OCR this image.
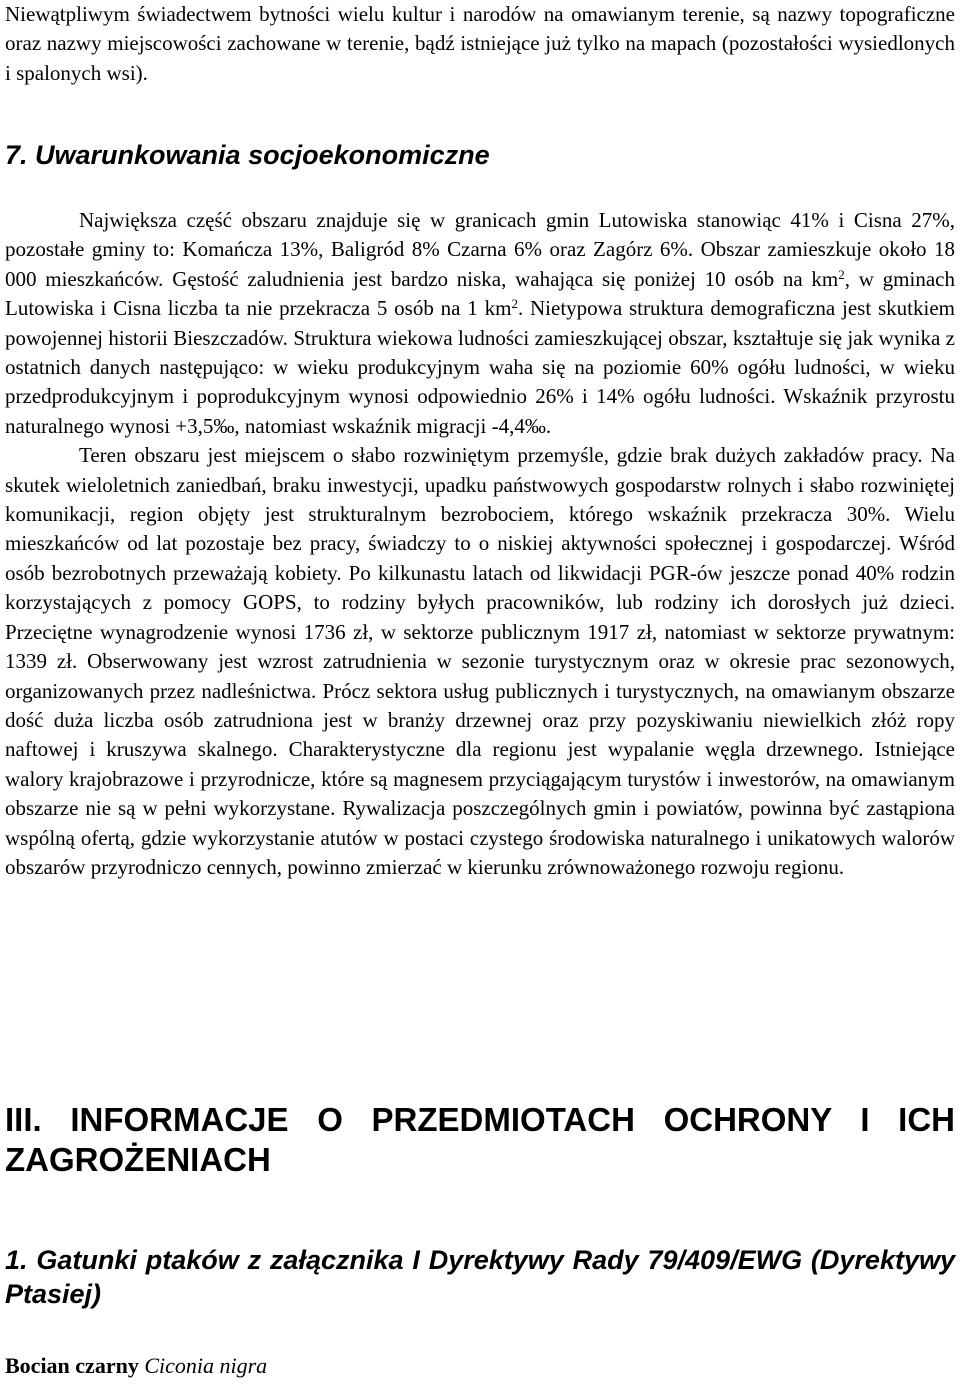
Niewątpliwym świadectwem bytności wielu kultur i narodów na omawianym terenie, są nazwy topograficzne oraz nazwy miejscowości zachowane w terenie, bądź istniejące już tylko na mapach (pozostałości wysiedlonych i spalonych wsi).

7. Uwarunkowania socjoekonomiczne

Największa część obszaru znajduje się w granicach gmin Lutowiska stanowiąc 41% i Cisna 27%, pozostałe gminy to: Komańcza 13%, Baligród 8% Czarna 6% oraz Zagórz 6%. Obszar zamieszkuje około 18 000 mieszkańców. Gęstość zaludnienia jest bardzo niska, wahająca się poniżej 10 osób na $km^2$, w gminach Lutowiska i Cisna liczba ta nie przekracza 5 osób na 1 $km^2$. Nietypowa struktura demograficzna jest skutkiem powojennej historii Bieszczadów. Struktura wiekowa ludności zamieszkującej obszar, kształtuje się jak wynika z ostatnich danych następująco: w wieku produkcyjnym waha się na poziomie 60% ogółu ludności, w wieku przedprodukcyjnym i poprodukcyjnym wynosi odpowiednio 26% i 14% ogółu ludności. Wskaźnik przyrostu naturalnego wynosi +3,5‰, natomiast wskaźnik migracji -4,4‰.

Teren obszaru jest miejscem o słabo rozwiniętym przemyśle, gdzie brak dużych zakładów pracy. Na skutek wieloletnich zaniedbań, braku inwestycji, upadku państwowych gospodarstw rolnych i słabo rozwiniętej komunikacji, region objęty jest strukturalnym bezrobociem, którego wskaźnik przekracza 30%. Wielu mieszkańców od lat pozostaje bez pracy, świadczy to o niskiej aktywności społecznej i gospodarczej. Wśród osób bezrobotnych przeważają kobiety. Po kilkunastu latach od likwidacji PGR-ów jeszcze ponad 40% rodzin korzystających z pomocy GOPS, to rodziny byłych pracowników, lub rodziny ich dorosłych już dzieci. Przeciętne wynagrodzenie wynosi 1736 zł, w sektorze publicznym 1917 zł, natomiast w sektorze prywatnym: 1339 zł. Obserwowany jest wzrost zatrudnienia w sezonie turystycznym oraz w okresie prac sezonowych, organizowanych przez nadleśnictwa. Prócz sektora usług publicznych i turystycznych, na omawianym obszarze dość duża liczba osób zatrudniona jest w branży drzewnej oraz przy pozyskiwaniu niewielkich złóż ropy naftowej i kruszywa skalnego. Charakterystyczne dla regionu jest wypalanie węgla drzewnego. Istniejące walory krajobrazowe i przyrodnicze, które są magnesem przyciągającym turystów i inwestorów, na omawianym obszarze nie są w pełni wykorzystane. Rywalizacja poszczególnych gmin i powiatów, powinna być zastąpiona wspólną ofertą, gdzie wykorzystanie atutów w postaci czystego środowiska naturalnego i unikatowych walorów obszarów przyrodniczo cennych, powinno zmierzać w kierunku zrównoważonego rozwoju regionu.

III. INFORMACJE O PRZEDMIOTACH OCHRONY I ICH ZAGROŻENIACH
1. Gatunki ptaków z załącznika I Dyrektywy Rady 79/409/EWG (Dyrektywy Ptasiej)

Bocian czarny Ciconia nigra
